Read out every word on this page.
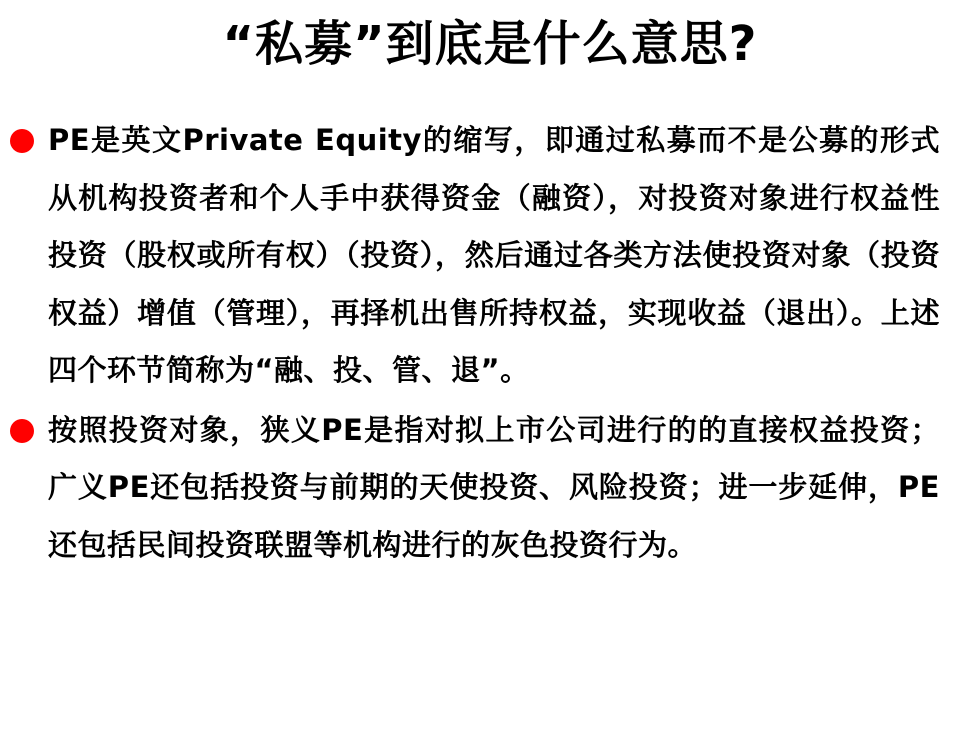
“私募”到底是什么意思?
PE是英文Private Equity的缩写，即通过私募而不是公募的形式从机构投资者和个人手中获得资金（融资），对投资对象进行权益性投资（股权或所有权）（投资），然后通过各类方法使投资对象（投资权益）增值（管理），再择机出售所持权益，实现收益（退出）。上述四个环节简称为“融、投、管、退”。
按照投资对象，狭义PE是指对拟上市公司进行的的直接权益投资；广义PE还包括投资与前期的天使投资、风险投资；进一步延伸，PE还包括民间投资联盟等机构进行的灰色投资行为。
